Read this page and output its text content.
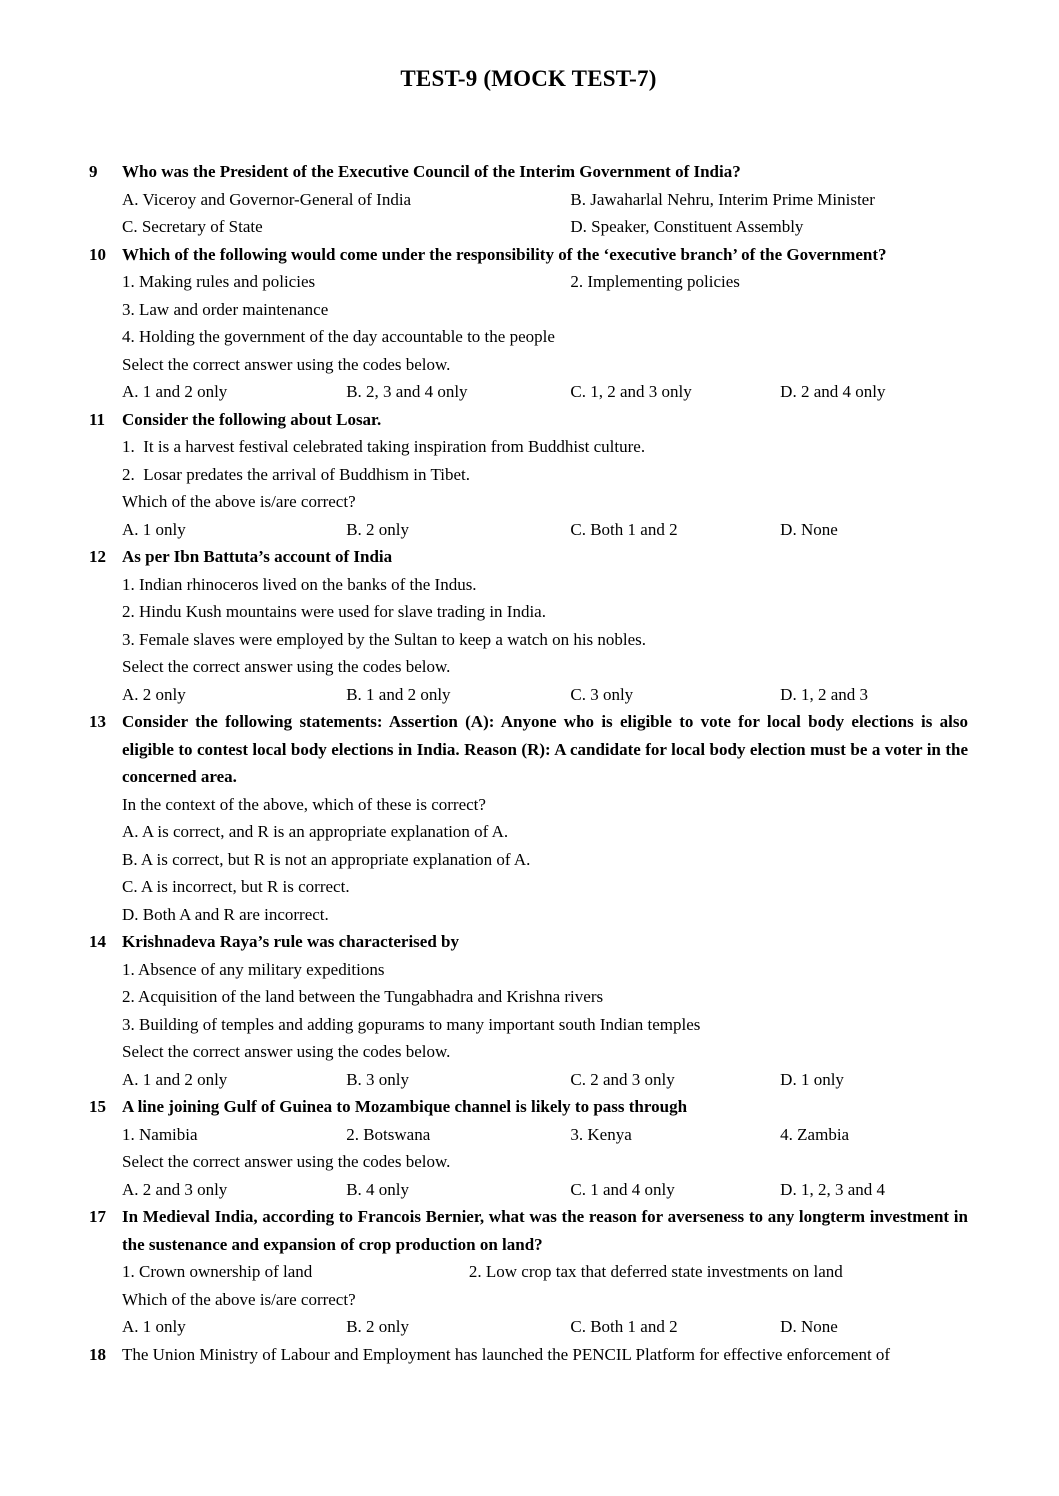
TEST-9 (MOCK TEST-7)
9	Who was the President of the Executive Council of the Interim Government of India?
A. Viceroy and Governor-General of India	B. Jawaharlal Nehru, Interim Prime Minister
C. Secretary of State	D. Speaker, Constituent Assembly
10 Which of the following would come under the responsibility of the ‘executive branch’ of the Government?
1. Making rules and policies	2. Implementing policies
3. Law and order maintenance
4. Holding the government of the day accountable to the people
Select the correct answer using the codes below.
A. 1 and 2 only	B. 2, 3 and 4 only	C. 1, 2 and 3 only	D. 2 and 4 only
11 Consider the following about Losar.
1. It is a harvest festival celebrated taking inspiration from Buddhist culture.
2. Losar predates the arrival of Buddhism in Tibet.
Which of the above is/are correct?
A. 1 only	B. 2 only	C. Both 1 and 2	D. None
12 As per Ibn Battuta’s account of India
1. Indian rhinoceros lived on the banks of the Indus.
2. Hindu Kush mountains were used for slave trading in India.
3. Female slaves were employed by the Sultan to keep a watch on his nobles.
Select the correct answer using the codes below.
A. 2 only	B. 1 and 2 only	C. 3 only	D. 1, 2 and 3
13 Consider the following statements: Assertion (A): Anyone who is eligible to vote for local body elections is also eligible to contest local body elections in India. Reason (R): A candidate for local body election must be a voter in the concerned area.
In the context of the above, which of these is correct?
A. A is correct, and R is an appropriate explanation of A.
B. A is correct, but R is not an appropriate explanation of A.
C. A is incorrect, but R is correct.
D. Both A and R are incorrect.
14 Krishnadeva Raya’s rule was characterised by
1. Absence of any military expeditions
2. Acquisition of the land between the Tungabhadra and Krishna rivers
3. Building of temples and adding gopurams to many important south Indian temples
Select the correct answer using the codes below.
A. 1 and 2 only	B. 3 only	C. 2 and 3 only	D. 1 only
15 A line joining Gulf of Guinea to Mozambique channel is likely to pass through
1. Namibia	2. Botswana	3. Kenya	4. Zambia
Select the correct answer using the codes below.
A. 2 and 3 only	B. 4 only	C. 1 and 4 only	D. 1, 2, 3 and 4
17 In Medieval India, according to Francois Bernier, what was the reason for averseness to any longterm investment in the sustenance and expansion of crop production on land?
1. Crown ownership of land	2. Low crop tax that deferred state investments on land
Which of the above is/are correct?
A. 1 only	B. 2 only	C. Both 1 and 2	D. None
18 The Union Ministry of Labour and Employment has launched the PENCIL Platform for effective enforcement of
